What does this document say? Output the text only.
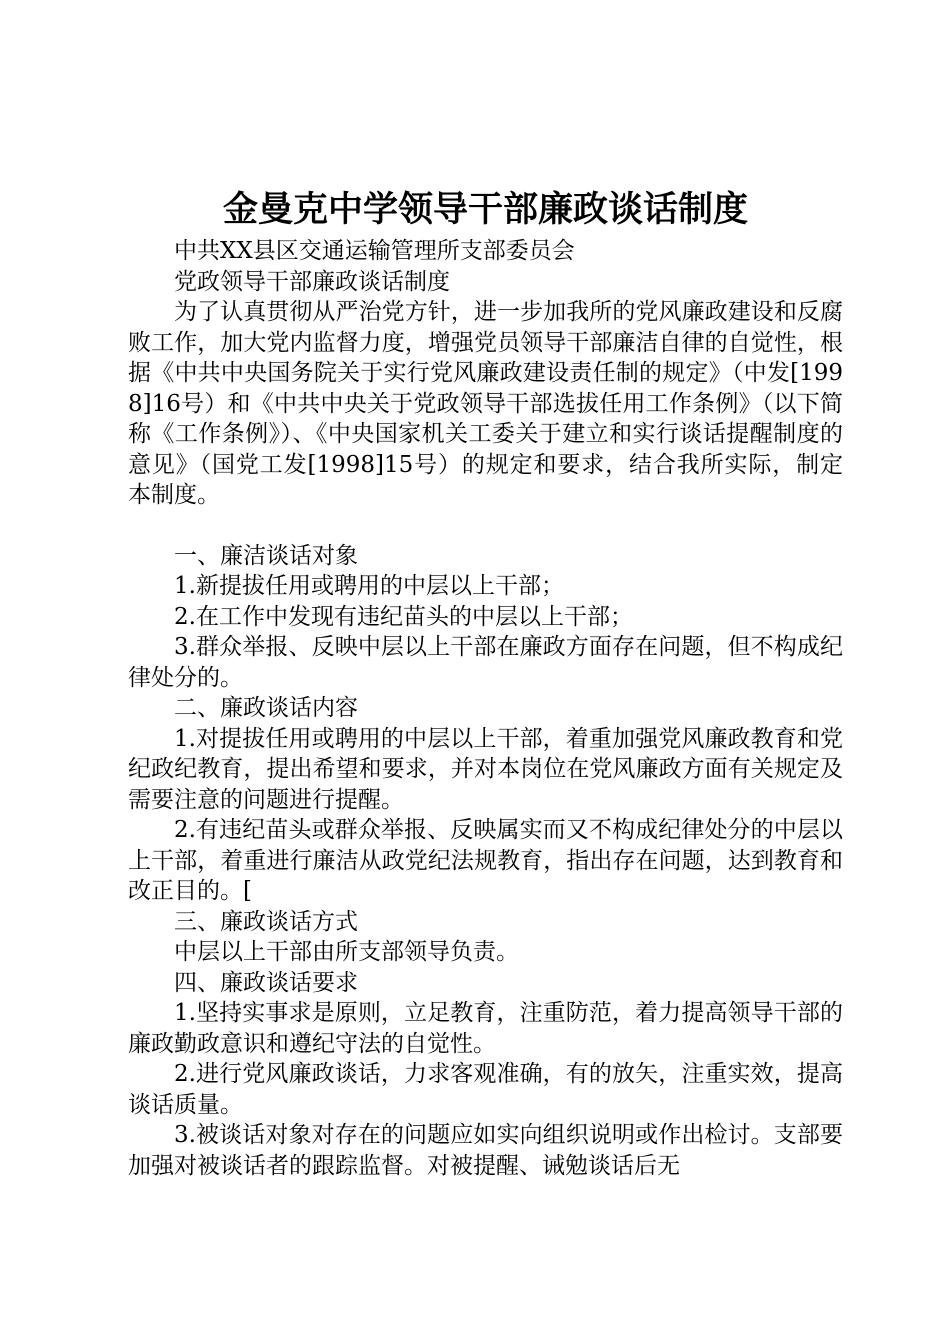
金曼克中学领导干部廉政谈话制度

中共XX县区交通运输管理所支部委员会

党政领导干部廉政谈话制度

为了认真贯彻从严治党方针，进一步加我所的党风廉政建设和反腐败工作，加大党内监督力度，增强党员领导干部廉洁自律的自觉性，根据《中共中央国务院关于实行党风廉政建设责任制的规定》（中发[1998]16号）和《中共中央关于党政领导干部选拔任用工作条例》（以下简称《工作条例》）、《中央国家机关工委关于建立和实行谈话提醒制度的意见》（国党工发[1998]15号）的规定和要求，结合我所实际，制定本制度。

一、廉洁谈话对象

1.新提拔任用或聘用的中层以上干部；

2.在工作中发现有违纪苗头的中层以上干部；

3.群众举报、反映中层以上干部在廉政方面存在问题，但不构成纪律处分的。

二、廉政谈话内容

1.对提拔任用或聘用的中层以上干部，着重加强党风廉政教育和党纪政纪教育，提出希望和要求，并对本岗位在党风廉政方面有关规定及需要注意的问题进行提醒。

2.有违纪苗头或群众举报、反映属实而又不构成纪律处分的中层以上干部，着重进行廉洁从政党纪法规教育，指出存在问题，达到教育和改正目的。[

三、廉政谈话方式

中层以上干部由所支部领导负责。

四、廉政谈话要求

1.坚持实事求是原则，立足教育，注重防范，着力提高领导干部的廉政勤政意识和遵纪守法的自觉性。

2.进行党风廉政谈话，力求客观准确，有的放矢，注重实效，提高谈话质量。

3.被谈话对象对存在的问题应如实向组织说明或作出检讨。支部要加强对被谈话者的跟踪监督。对被提醒、诫勉谈话后无
